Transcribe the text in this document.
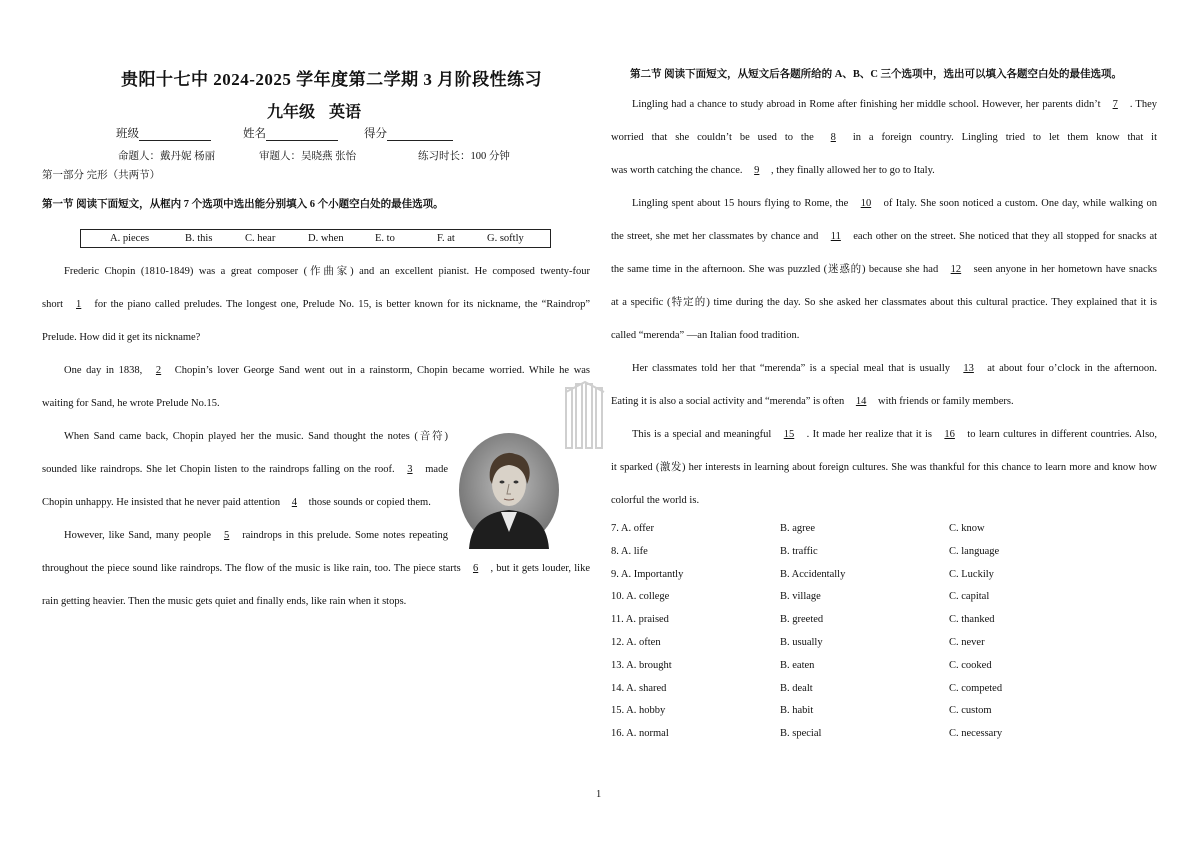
贵阳十七中 2024-2025 学年度第二学期 3 月阶段性练习
九年级 英语
班级	姓名	得分
命题人：戴丹妮 杨丽	审题人：吴晓燕 张怡	练习时长：100 分钟
第一部分 完形（共两节）
第一节 阅读下面短文，从框内 7 个选项中选出能分别填入 6 个小题空白处的最佳选项。
A. pieces	B. this	C. hear	D. when	E. to	F. at	G. softly
Frederic Chopin (1810-1849) was a great composer (作曲家) and an excellent pianist. He composed twenty-four
short 1 for the piano called preludes. The longest one, Prelude No. 15, is better known for its nickname, the “Raindrop”
Prelude. How did it get its nickname?
One day in 1838, 2 Chopin’s lover George Sand went out in a rainstorm, Chopin became worried. While he was
waiting for Sand, he wrote Prelude No.15.
When Sand came back, Chopin played her the music. Sand thought the notes (音符)
sounded like raindrops. She let Chopin listen to the raindrops falling on the roof. 3 made
Chopin unhappy. He insisted that he never paid attention 4 those sounds or copied them.
However, like Sand, many people 5 raindrops in this prelude. Some notes repeating
throughout the piece sound like raindrops. The flow of the music is like rain, too. The piece starts 6 , but it gets louder, like
rain getting heavier. Then the music gets quiet and finally ends, like rain when it stops.
第二节 阅读下面短文，从短文后各题所给的 A、B、C 三个选项中，选出可以填入各题空白处的最佳选项。
Lingling had a chance to study abroad in Rome after finishing her middle school. However, her parents didn’t 7 . They
worried that she couldn’t be used to the 8 in a foreign country. Lingling tried to let them know that it
was worth catching the chance. 9 , they finally allowed her to go to Italy.
Lingling spent about 15 hours flying to Rome, the 10 of Italy. She soon noticed a custom. One day, while walking on
the street, she met her classmates by chance and 11 each other on the street. She noticed that they all stopped for snacks at
the same time in the afternoon. She was puzzled (迷惑的) because she had 12 seen anyone in her hometown have snacks
at a specific (特定的) time during the day. So she asked her classmates about this cultural practice. They explained that it is
called “merenda” —an Italian food tradition.
Her classmates told her that “merenda” is a special meal that is usually 13 at about four o’clock in the afternoon.
Eating it is also a social activity and “merenda” is often 14 with friends or family members.
This is a special and meaningful 15 . It made her realize that it is 16 to learn cultures in different countries. Also,
it sparked (激发) her interests in learning about foreign cultures. She was thankful for this chance to learn more and know how
colorful the world is.
7. A. offer	B. agree	C. know
8. A. life	B. traffic	C. language
9. A. Importantly	B. Accidentally	C. Luckily
10. A. college	B. village	C. capital
11. A. praised	B. greeted	C. thanked
12. A. often	B. usually	C. never
13. A. brought	B. eaten	C. cooked
14. A. shared	B. dealt	C. competed
15. A. hobby	B. habit	C. custom
16. A. normal	B. special	C. necessary
1
